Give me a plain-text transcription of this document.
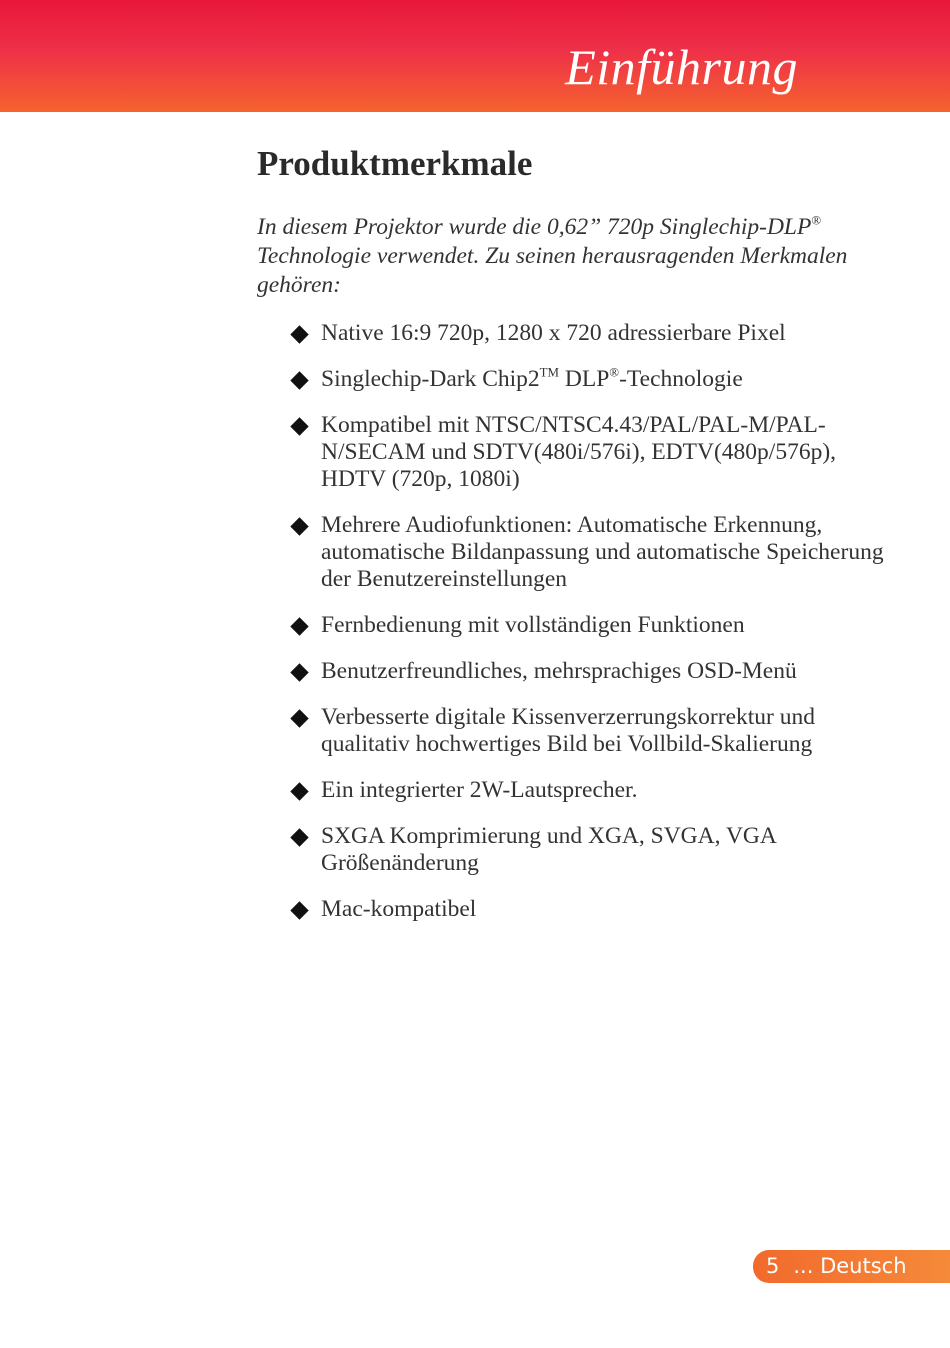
Einführung
Produktmerkmale

In diesem Projektor wurde die 0,62” 720p Singlechip-DLP® Technologie verwendet. Zu seinen herausragenden Merkmalen gehören:

Native 16:9 720p, 1280 x 720 adressierbare Pixel
Singlechip-Dark Chip2™ DLP®-Technologie
Kompatibel mit NTSC/NTSC4.43/PAL/PAL-M/PAL-N/SECAM und SDTV(480i/576i), EDTV(480p/576p), HDTV (720p, 1080i)
Mehrere Audiofunktionen: Automatische Erkennung, automatische Bildanpassung und automatische Speicherung der Benutzereinstellungen
Fernbedienung mit vollständigen Funktionen
Benutzerfreundliches, mehrsprachiges OSD-Menü
Verbesserte digitale Kissenverzerrungskorrektur und qualitativ hochwertiges Bild bei Vollbild-Skalierung
Ein integrierter 2W-Lautsprecher.
SXGA Komprimierung und XGA, SVGA, VGA Größenänderung
Mac-kompatibel
5 ... Deutsch
